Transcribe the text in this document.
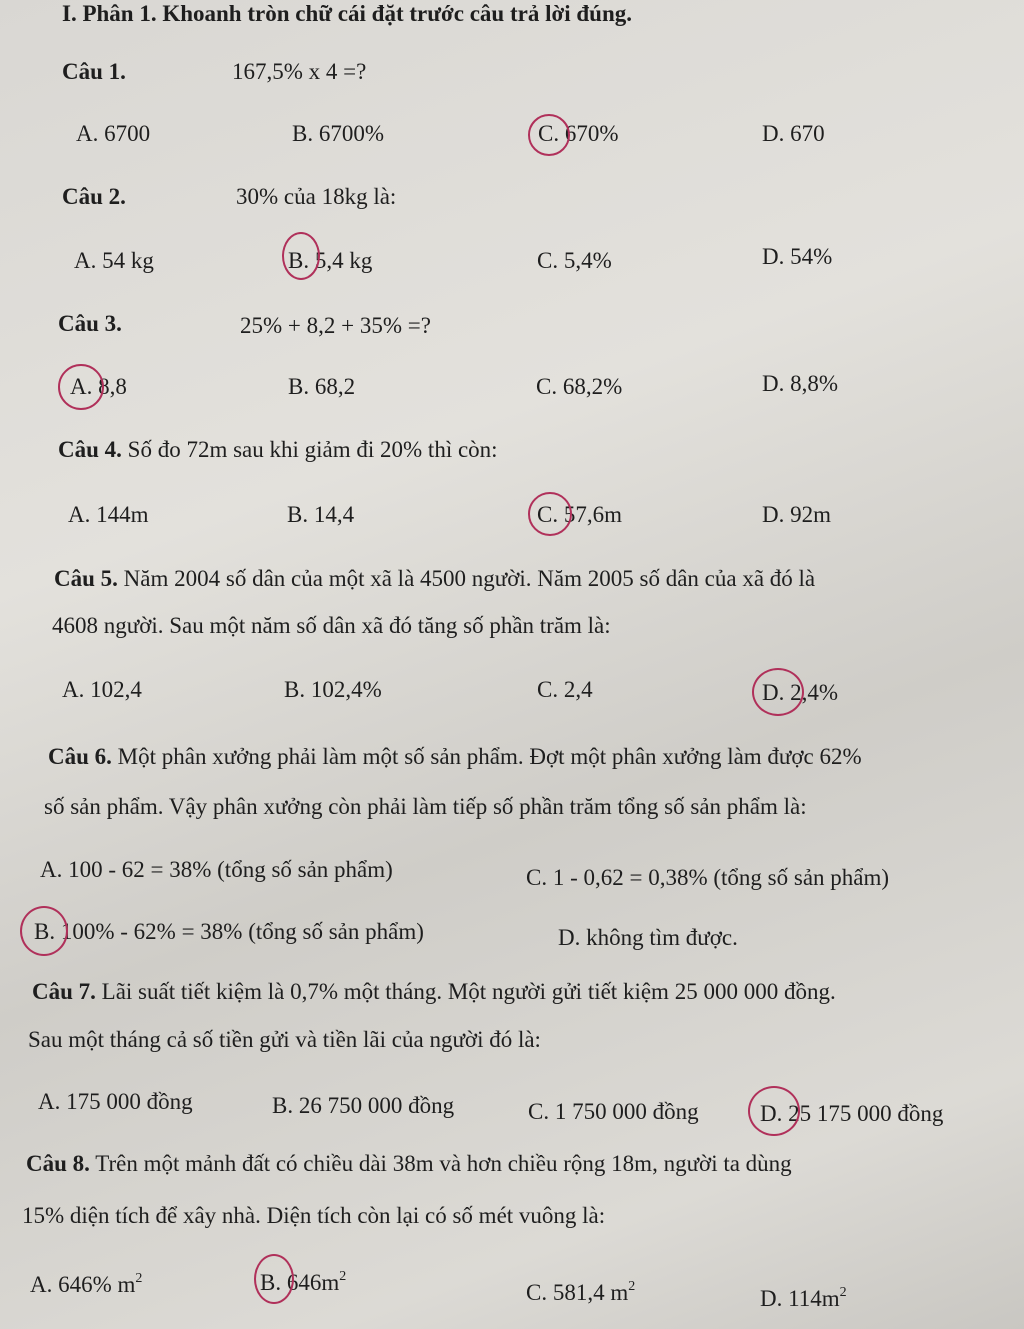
I. Phân 1. Khoanh tròn chữ cái đặt trước câu trả lời đúng.
Câu 1.	167,5% x 4 =?
A. 6700	B. 6700%	C. 670%	D. 670
Câu 2.	30% của 18kg là:
A. 54 kg	B. 5,4 kg	C. 5,4%	D. 54%
Câu 3.	25% + 8,2 + 35% =?
A. 8,8	B. 68,2	C. 68,2%	D. 8,8%
Câu 4. Số đo 72m sau khi giảm đi 20% thì còn:
A. 144m	B. 14,4	C. 57,6m	D. 92m
Câu 5. Năm 2004 số dân của một xã là 4500 người. Năm 2005 số dân của xã đó là
4608 người. Sau một năm số dân xã đó tăng số phần trăm là:
A. 102,4	B. 102,4%	C. 2,4	D. 2,4%
Câu 6. Một phân xưởng phải làm một số sản phẩm. Đợt một phân xưởng làm được 62%
số sản phẩm. Vậy phân xưởng còn phải làm tiếp số phần trăm tổng số sản phẩm là:
A. 100 - 62 = 38% (tổng số sản phẩm)	C. 1 - 0,62 = 0,38% (tổng số sản phẩm)
B. 100% - 62% = 38% (tổng số sản phẩm)	D. không tìm được.
Câu 7. Lãi suất tiết kiệm là 0,7% một tháng. Một người gửi tiết kiệm 25 000 000 đồng.
Sau một tháng cả số tiền gửi và tiền lãi của người đó là:
A. 175 000 đồng	B. 26 750 000 đồng	C. 1 750 000 đồng	D. 25 175 000 đồng
Câu 8. Trên một mảnh đất có chiều dài 38m và hơn chiều rộng 18m, người ta dùng
15% diện tích để xây nhà. Diện tích còn lại có số mét vuông là:
A. 646% $m^2$	B. $646m^2$
C. 581,4 $m^2$	D. $114m^2$
